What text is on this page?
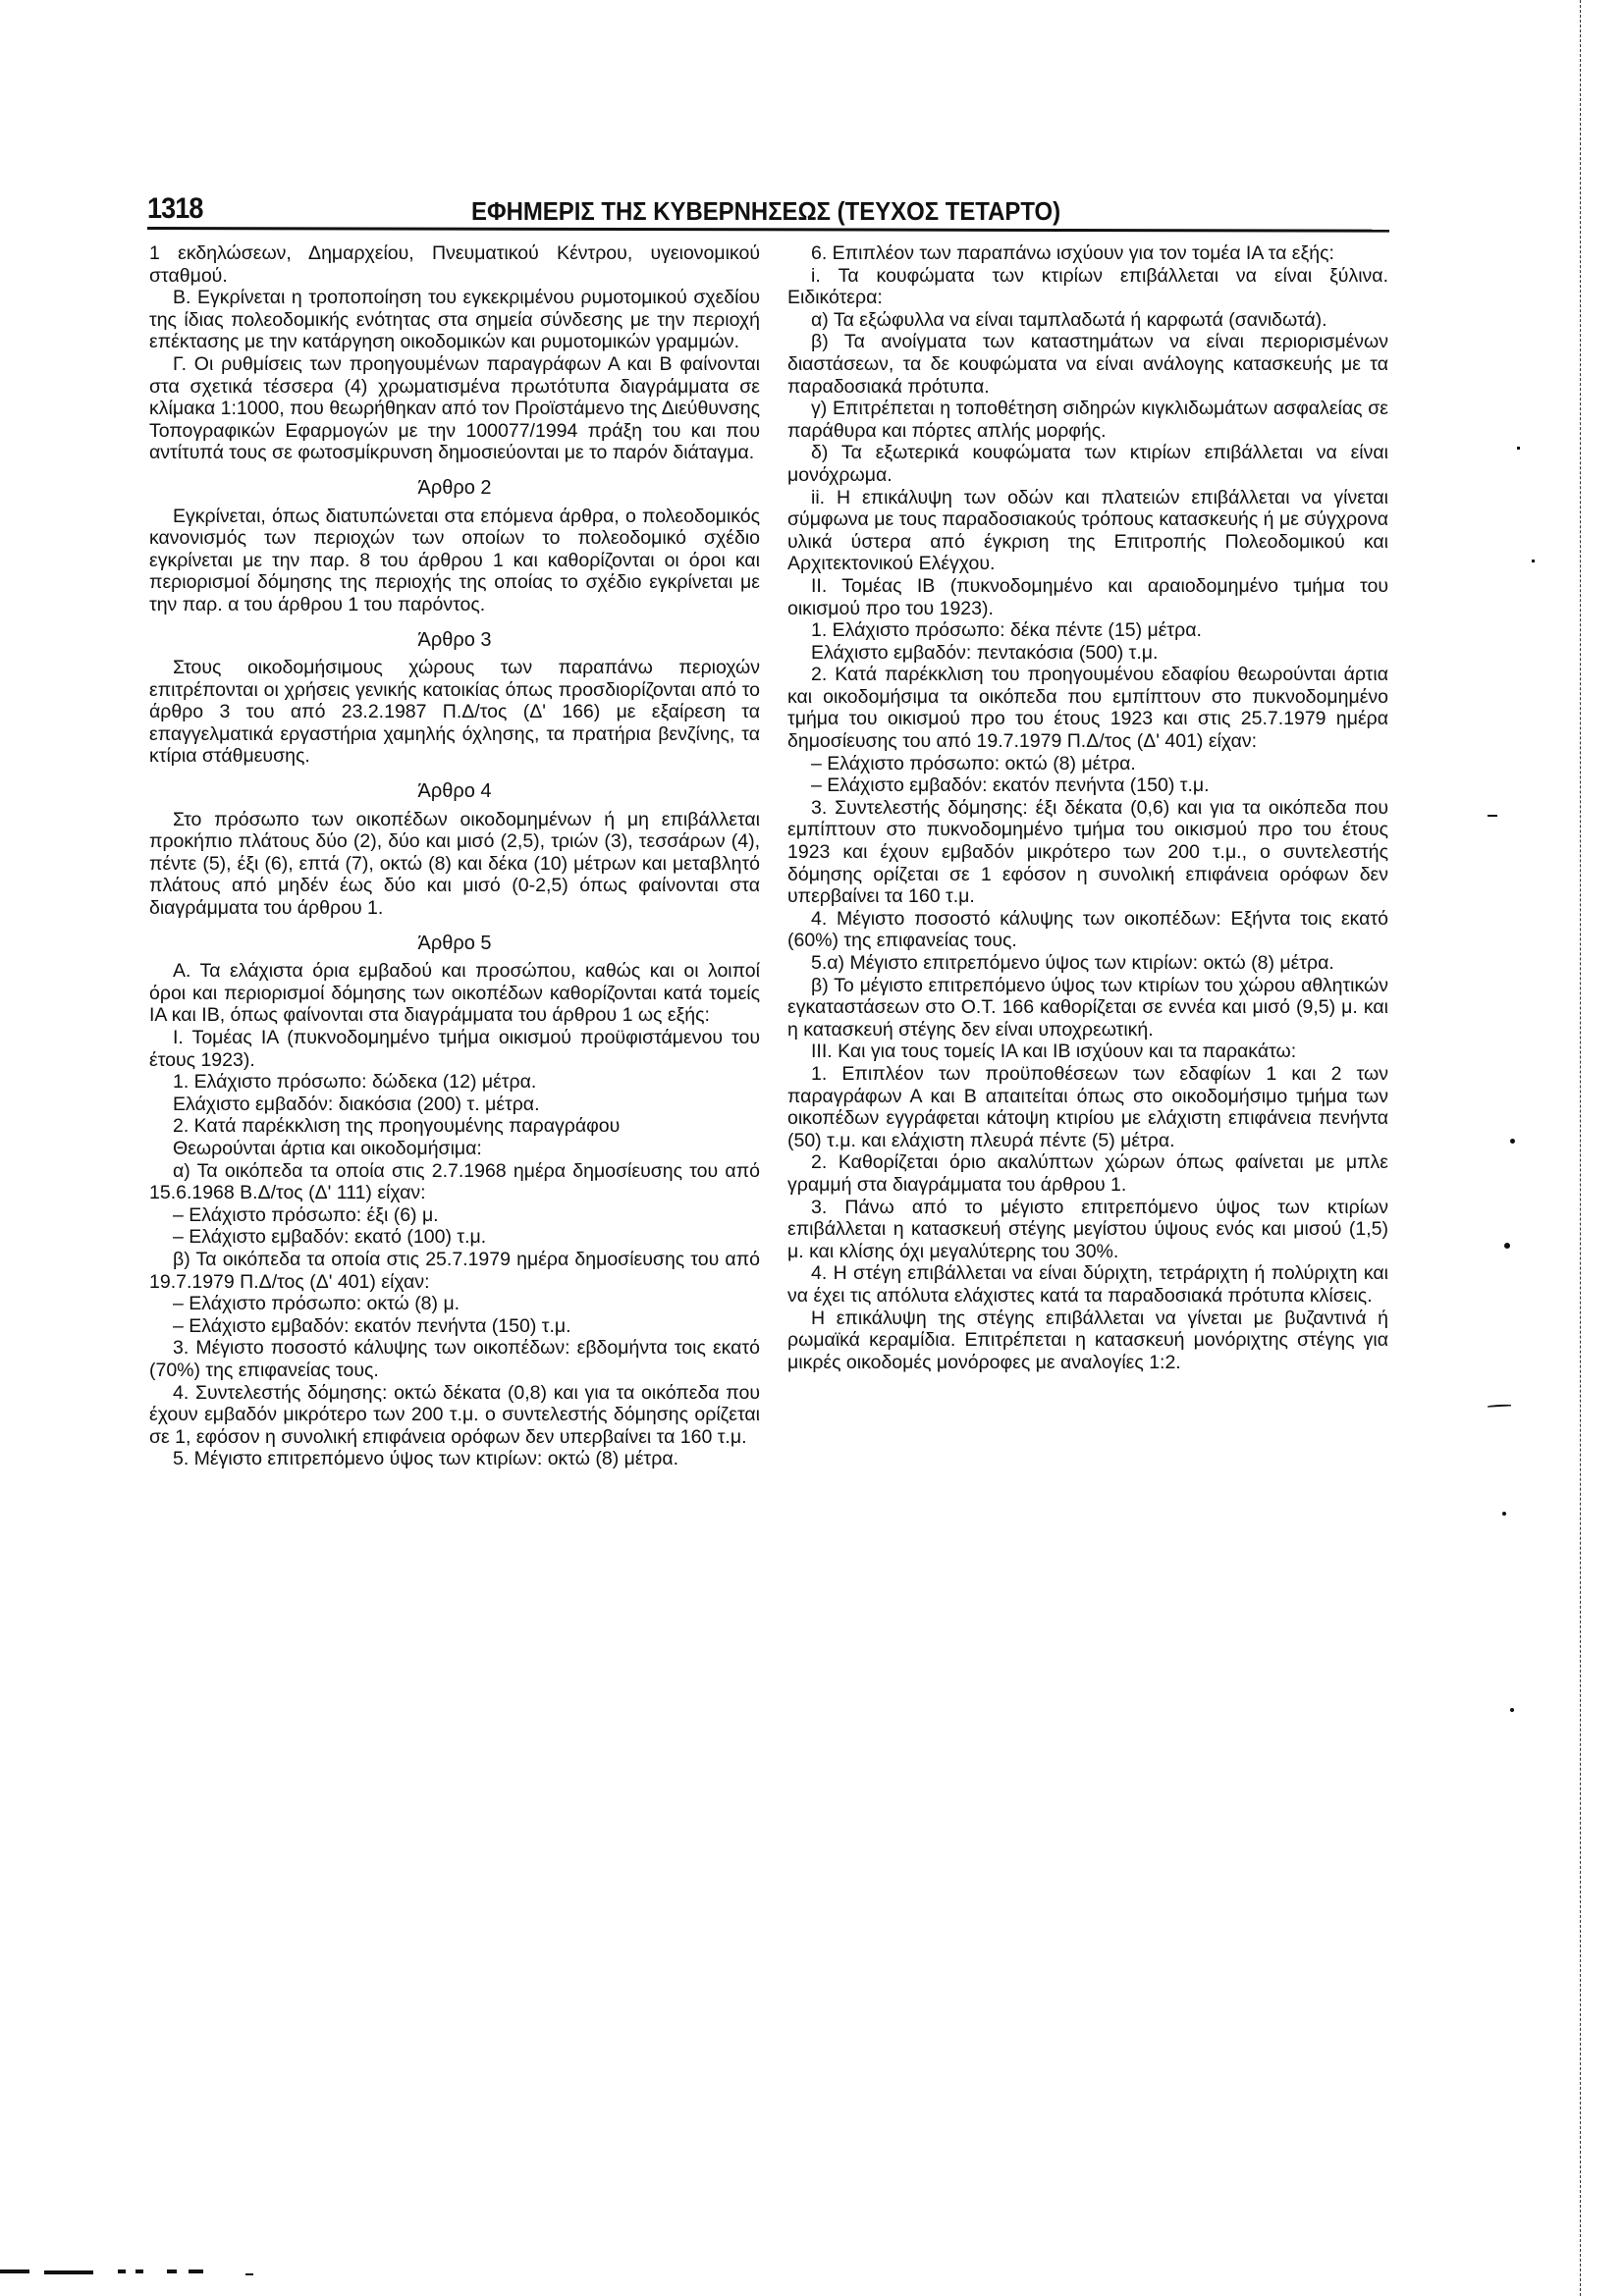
1318	ΕΦΗΜΕΡΙΣ ΤΗΣ ΚΥΒΕΡΝΗΣΕΩΣ (ΤΕΥΧΟΣ ΤΕΤΑΡΤΟ)

1 εκδηλώσεων, Δημαρχείου, Πνευματικού Κέντρου, υγειονομικού σταθμού.

Β. Εγκρίνεται η τροποποίηση του εγκεκριμένου ρυμοτομικού σχεδίου της ίδιας πολεοδομικής ενότητας στα σημεία σύνδεσης με την περιοχή επέκτασης με την κατάργηση οικοδομικών και ρυμοτομικών γραμμών.

Γ. Οι ρυθμίσεις των προηγουμένων παραγράφων Α και Β φαίνονται στα σχετικά τέσσερα (4) χρωματισμένα πρωτότυπα διαγράμματα σε κλίμακα 1:1000, που θεωρήθηκαν από τον Προϊστάμενο της Διεύθυνσης Τοπογραφικών Εφαρμογών με την 100077/1994 πράξη του και που αντίτυπά τους σε φωτοσμίκρυνση δημοσιεύονται με το παρόν διάταγμα.

Άρθρο 2

Εγκρίνεται, όπως διατυπώνεται στα επόμενα άρθρα, ο πολεοδομικός κανονισμός των περιοχών των οποίων το πολεοδομικό σχέδιο εγκρίνεται με την παρ. 8 του άρθρου 1 και καθορίζονται οι όροι και περιορισμοί δόμησης της περιοχής της οποίας το σχέδιο εγκρίνεται με την παρ. α του άρθρου 1 του παρόντος.

Άρθρο 3

Στους οικοδομήσιμους χώρους των παραπάνω περιοχών επιτρέπονται οι χρήσεις γενικής κατοικίας όπως προσδιορίζονται από το άρθρο 3 του από 23.2.1987 Π.Δ/τος (Δ' 166) με εξαίρεση τα επαγγελματικά εργαστήρια χαμηλής όχλησης, τα πρατήρια βενζίνης, τα κτίρια στάθμευσης.

Άρθρο 4

Στο πρόσωπο των οικοπέδων οικοδομημένων ή μη επιβάλλεται προκήπιο πλάτους δύο (2), δύο και μισό (2,5), τριών (3), τεσσάρων (4), πέντε (5), έξι (6), επτά (7), οκτώ (8) και δέκα (10) μέτρων και μεταβλητό πλάτους από μηδέν έως δύο και μισό (0-2,5) όπως φαίνονται στα διαγράμματα του άρθρου 1.

Άρθρο 5

Α. Τα ελάχιστα όρια εμβαδού και προσώπου, καθώς και οι λοιποί όροι και περιορισμοί δόμησης των οικοπέδων καθορίζονται κατά τομείς ΙΑ και ΙΒ, όπως φαίνονται στα διαγράμματα του άρθρου 1 ως εξής:

Ι. Τομέας ΙΑ (πυκνοδομημένο τμήμα οικισμού προϋφιστάμενου του έτους 1923).

1. Ελάχιστο πρόσωπο: δώδεκα (12) μέτρα.

Ελάχιστο εμβαδόν: διακόσια (200) τ. μέτρα.

2. Κατά παρέκκλιση της προηγουμένης παραγράφου

Θεωρούνται άρτια και οικοδομήσιμα:

α) Τα οικόπεδα τα οποία στις 2.7.1968 ημέρα δημοσίευσης του από 15.6.1968 Β.Δ/τος (Δ' 111) είχαν:

– Ελάχιστο πρόσωπο: έξι (6) μ.

– Ελάχιστο εμβαδόν: εκατό (100) τ.μ.

β) Τα οικόπεδα τα οποία στις 25.7.1979 ημέρα δημοσίευσης του από 19.7.1979 Π.Δ/τος (Δ' 401) είχαν:

– Ελάχιστο πρόσωπο: οκτώ (8) μ.

– Ελάχιστο εμβαδόν: εκατόν πενήντα (150) τ.μ.

3. Μέγιστο ποσοστό κάλυψης των οικοπέδων: εβδομήντα τοις εκατό (70%) της επιφανείας τους.

4. Συντελεστής δόμησης: οκτώ δέκατα (0,8) και για τα οικόπεδα που έχουν εμβαδόν μικρότερο των 200 τ.μ. ο συντελεστής δόμησης ορίζεται σε 1, εφόσον η συνολική επιφάνεια ορόφων δεν υπερβαίνει τα 160 τ.μ.

5. Μέγιστο επιτρεπόμενο ύψος των κτιρίων: οκτώ (8) μέτρα.

6. Επιπλέον των παραπάνω ισχύουν για τον τομέα ΙΑ τα εξής:

i. Τα κουφώματα των κτιρίων επιβάλλεται να είναι ξύλινα. Ειδικότερα:

α) Τα εξώφυλλα να είναι ταμπλαδωτά ή καρφωτά (σανιδωτά).

β) Τα ανοίγματα των καταστημάτων να είναι περιορισμένων διαστάσεων, τα δε κουφώματα να είναι ανάλογης κατασκευής με τα παραδοσιακά πρότυπα.

γ) Επιτρέπεται η τοποθέτηση σιδηρών κιγκλιδωμάτων ασφαλείας σε παράθυρα και πόρτες απλής μορφής.

δ) Τα εξωτερικά κουφώματα των κτιρίων επιβάλλεται να είναι μονόχρωμα.

ii. Η επικάλυψη των οδών και πλατειών επιβάλλεται να γίνεται σύμφωνα με τους παραδοσιακούς τρόπους κατασκευής ή με σύγχρονα υλικά ύστερα από έγκριση της Επιτροπής Πολεοδομικού και Αρχιτεκτονικού Ελέγχου.

ΙΙ. Τομέας ΙΒ (πυκνοδομημένο και αραιοδομημένο τμήμα του οικισμού προ του 1923).

1. Ελάχιστο πρόσωπο: δέκα πέντε (15) μέτρα.

Ελάχιστο εμβαδόν: πεντακόσια (500) τ.μ.

2. Κατά παρέκκλιση του προηγουμένου εδαφίου θεωρούνται άρτια και οικοδομήσιμα τα οικόπεδα που εμπίπτουν στο πυκνοδομημένο τμήμα του οικισμού προ του έτους 1923 και στις 25.7.1979 ημέρα δημοσίευσης του από 19.7.1979 Π.Δ/τος (Δ' 401) είχαν:

– Ελάχιστο πρόσωπο: οκτώ (8) μέτρα.

– Ελάχιστο εμβαδόν: εκατόν πενήντα (150) τ.μ.

3. Συντελεστής δόμησης: έξι δέκατα (0,6) και για τα οικόπεδα που εμπίπτουν στο πυκνοδομημένο τμήμα του οικισμού προ του έτους 1923 και έχουν εμβαδόν μικρότερο των 200 τ.μ., ο συντελεστής δόμησης ορίζεται σε 1 εφόσον η συνολική επιφάνεια ορόφων δεν υπερβαίνει τα 160 τ.μ.

4. Μέγιστο ποσοστό κάλυψης των οικοπέδων: Εξήντα τοις εκατό (60%) της επιφανείας τους.

5.α) Μέγιστο επιτρεπόμενο ύψος των κτιρίων: οκτώ (8) μέτρα.

β) Το μέγιστο επιτρεπόμενο ύψος των κτιρίων του χώρου αθλητικών εγκαταστάσεων στο Ο.Τ. 166 καθορίζεται σε εννέα και μισό (9,5) μ. και η κατασκευή στέγης δεν είναι υποχρεωτική.

ΙΙΙ. Και για τους τομείς ΙΑ και ΙΒ ισχύουν και τα παρακάτω:

1. Επιπλέον των προϋποθέσεων των εδαφίων 1 και 2 των παραγράφων Α και Β απαιτείται όπως στο οικοδομήσιμο τμήμα των οικοπέδων εγγράφεται κάτοψη κτιρίου με ελάχιστη επιφάνεια πενήντα (50) τ.μ. και ελάχιστη πλευρά πέντε (5) μέτρα.

2. Καθορίζεται όριο ακαλύπτων χώρων όπως φαίνεται με μπλε γραμμή στα διαγράμματα του άρθρου 1.

3. Πάνω από το μέγιστο επιτρεπόμενο ύψος των κτιρίων επιβάλλεται η κατασκευή στέγης μεγίστου ύψους ενός και μισού (1,5) μ. και κλίσης όχι μεγαλύτερης του 30%.

4. Η στέγη επιβάλλεται να είναι δύριχτη, τετράριχτη ή πολύριχτη και να έχει τις απόλυτα ελάχιστες κατά τα παραδοσιακά πρότυπα κλίσεις.

Η επικάλυψη της στέγης επιβάλλεται να γίνεται με βυζαντινά ή ρωμαϊκά κεραμίδια. Επιτρέπεται η κατασκευή μονόριχτης στέγης για μικρές οικοδομές μονόροφες με αναλογίες 1:2.
